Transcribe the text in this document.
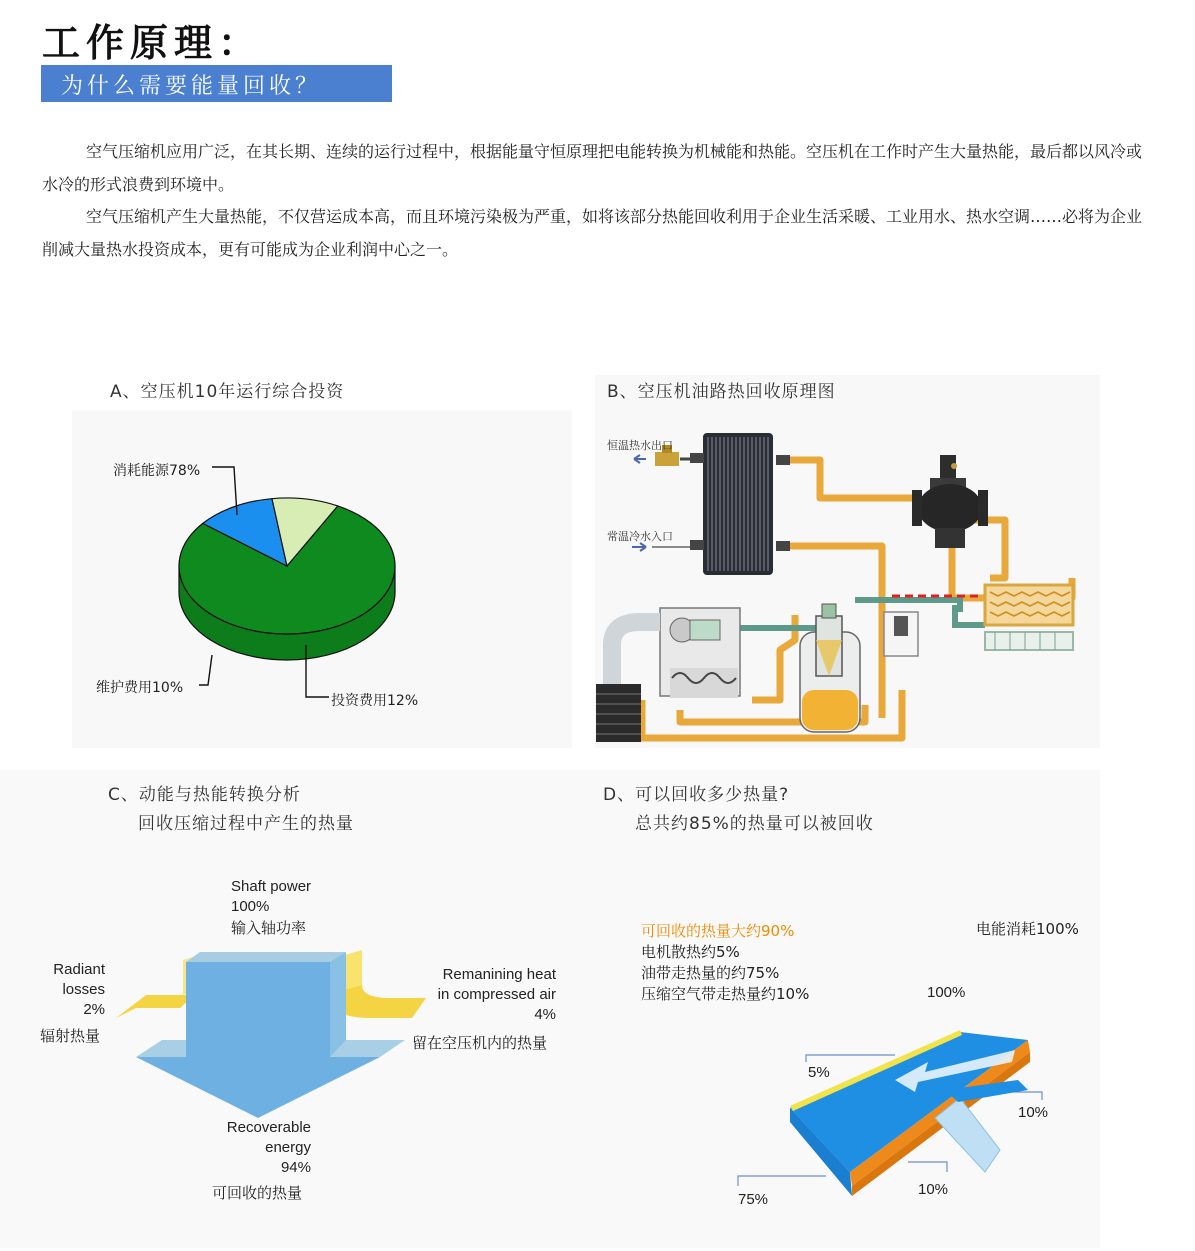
工作原理：
为什么需要能量回收？
空气压缩机应用广泛，在其长期、连续的运行过程中，根据能量守恒原理把电能转换为机械能和热能。空压机在工作时产生大量热能，最后都以风冷或水冷的形式浪费到环境中。
空气压缩机产生大量热能，不仅营运成本高，而且环境污染极为严重，如将该部分热能回收利用于企业生活采暖、工业用水、热水空调……必将为企业削减大量热水投资成本，更有可能成为企业利润中心之一。
A、空压机10年运行综合投资
消耗能源78%
维护费用10%
投资费用12%
B、空压机油路热回收原理图
恒温热水出口
常温冷水入口
C、动能与热能转换分析
回收压缩过程中产生的热量
Shaft power
100%
输入轴功率
Radiant
losses
2%
辐射热量
Remanining heat
in compressed air
4%
留在空压机内的热量
Recoverable
energy
94%
可回收的热量
D、可以回收多少热量?
总共约85%的热量可以被回收
可回收的热量大约90%
电机散热约5%
油带走热量的约75%
压缩空气带走热量约10%
电能消耗100%
100%
5%
10%
75%
10%
